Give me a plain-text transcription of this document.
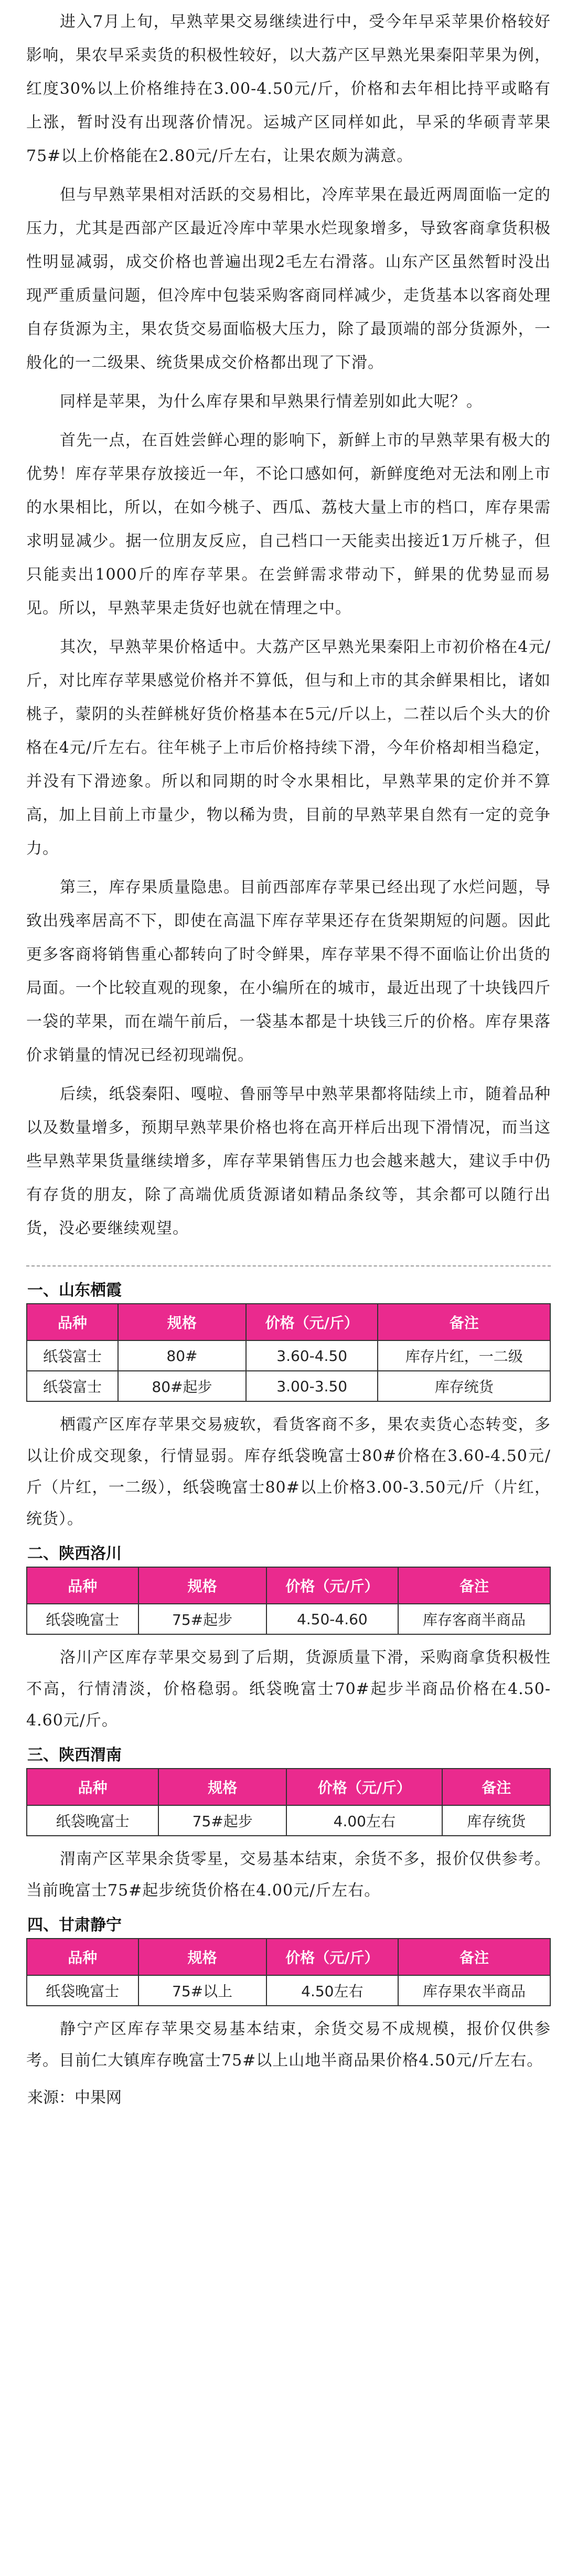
进入7月上旬，早熟苹果交易继续进行中，受今年早采苹果价格较好影响，果农早采卖货的积极性较好，以大荔产区早熟光果秦阳苹果为例，红度30%以上价格维持在3.00-4.50元/斤，价格和去年相比持平或略有上涨，暂时没有出现落价情况。运城产区同样如此，早采的华硕青苹果75#以上价格能在2.80元/斤左右，让果农颇为满意。

但与早熟苹果相对活跃的交易相比，冷库苹果在最近两周面临一定的压力，尤其是西部产区最近冷库中苹果水烂现象增多，导致客商拿货积极性明显减弱，成交价格也普遍出现2毛左右滑落。山东产区虽然暂时没出现严重质量问题，但冷库中包装采购客商同样减少，走货基本以客商处理自存货源为主，果农货交易面临极大压力，除了最顶端的部分货源外，一般化的一二级果、统货果成交价格都出现了下滑。

同样是苹果，为什么库存果和早熟果行情差别如此大呢？。

首先一点，在百姓尝鲜心理的影响下，新鲜上市的早熟苹果有极大的优势！库存苹果存放接近一年，不论口感如何，新鲜度绝对无法和刚上市的水果相比，所以，在如今桃子、西瓜、荔枝大量上市的档口，库存果需求明显减少。据一位朋友反应，自己档口一天能卖出接近1万斤桃子，但只能卖出1000斤的库存苹果。在尝鲜需求带动下，鲜果的优势显而易见。所以，早熟苹果走货好也就在情理之中。

其次，早熟苹果价格适中。大荔产区早熟光果秦阳上市初价格在4元/斤，对比库存苹果感觉价格并不算低，但与和上市的其余鲜果相比，诸如桃子，蒙阴的头茬鲜桃好货价格基本在5元/斤以上，二茬以后个头大的价格在4元/斤左右。往年桃子上市后价格持续下滑，今年价格却相当稳定，并没有下滑迹象。所以和同期的时令水果相比，早熟苹果的定价并不算高，加上目前上市量少，物以稀为贵，目前的早熟苹果自然有一定的竞争力。

第三，库存果质量隐患。目前西部库存苹果已经出现了水烂问题，导致出残率居高不下，即使在高温下库存苹果还存在货架期短的问题。因此更多客商将销售重心都转向了时令鲜果，库存苹果不得不面临让价出货的局面。一个比较直观的现象，在小编所在的城市，最近出现了十块钱四斤一袋的苹果，而在端午前后，一袋基本都是十块钱三斤的价格。库存果落价求销量的情况已经初现端倪。

后续，纸袋秦阳、嘎啦、鲁丽等早中熟苹果都将陆续上市，随着品种以及数量增多，预期早熟苹果价格也将在高开样后出现下滑情况，而当这些早熟苹果货量继续增多，库存苹果销售压力也会越来越大，建议手中仍有存货的朋友，除了高端优质货源诸如精品条纹等，其余都可以随行出货，没必要继续观望。

一、山东栖霞
品种	规格	价格（元/斤）	备注
纸袋富士	80#	3.60-4.50	库存片红，一二级
纸袋富士	80#起步	3.00-3.50	库存统货

栖霞产区库存苹果交易疲软，看货客商不多，果农卖货心态转变，多以让价成交现象，行情显弱。库存纸袋晚富士80#价格在3.60-4.50元/斤（片红，一二级），纸袋晚富士80#以上价格3.00-3.50元/斤（片红，统货）。

二、陕西洛川
品种	规格	价格（元/斤）	备注
纸袋晚富士	75#起步	4.50-4.60	库存客商半商品

洛川产区库存苹果交易到了后期，货源质量下滑，采购商拿货积极性不高，行情清淡，价格稳弱。纸袋晚富士70#起步半商品价格在4.50-4.60元/斤。

三、陕西渭南
品种	规格	价格（元/斤）	备注
纸袋晚富士	75#起步	4.00左右	库存统货

渭南产区苹果余货零星，交易基本结束，余货不多，报价仅供参考。当前晚富士75#起步统货价格在4.00元/斤左右。

四、甘肃静宁
品种	规格	价格（元/斤）	备注
纸袋晚富士	75#以上	4.50左右	库存果农半商品

静宁产区库存苹果交易基本结束，余货交易不成规模，报价仅供参考。目前仁大镇库存晚富士75#以上山地半商品果价格4.50元/斤左右。

来源：中果网
